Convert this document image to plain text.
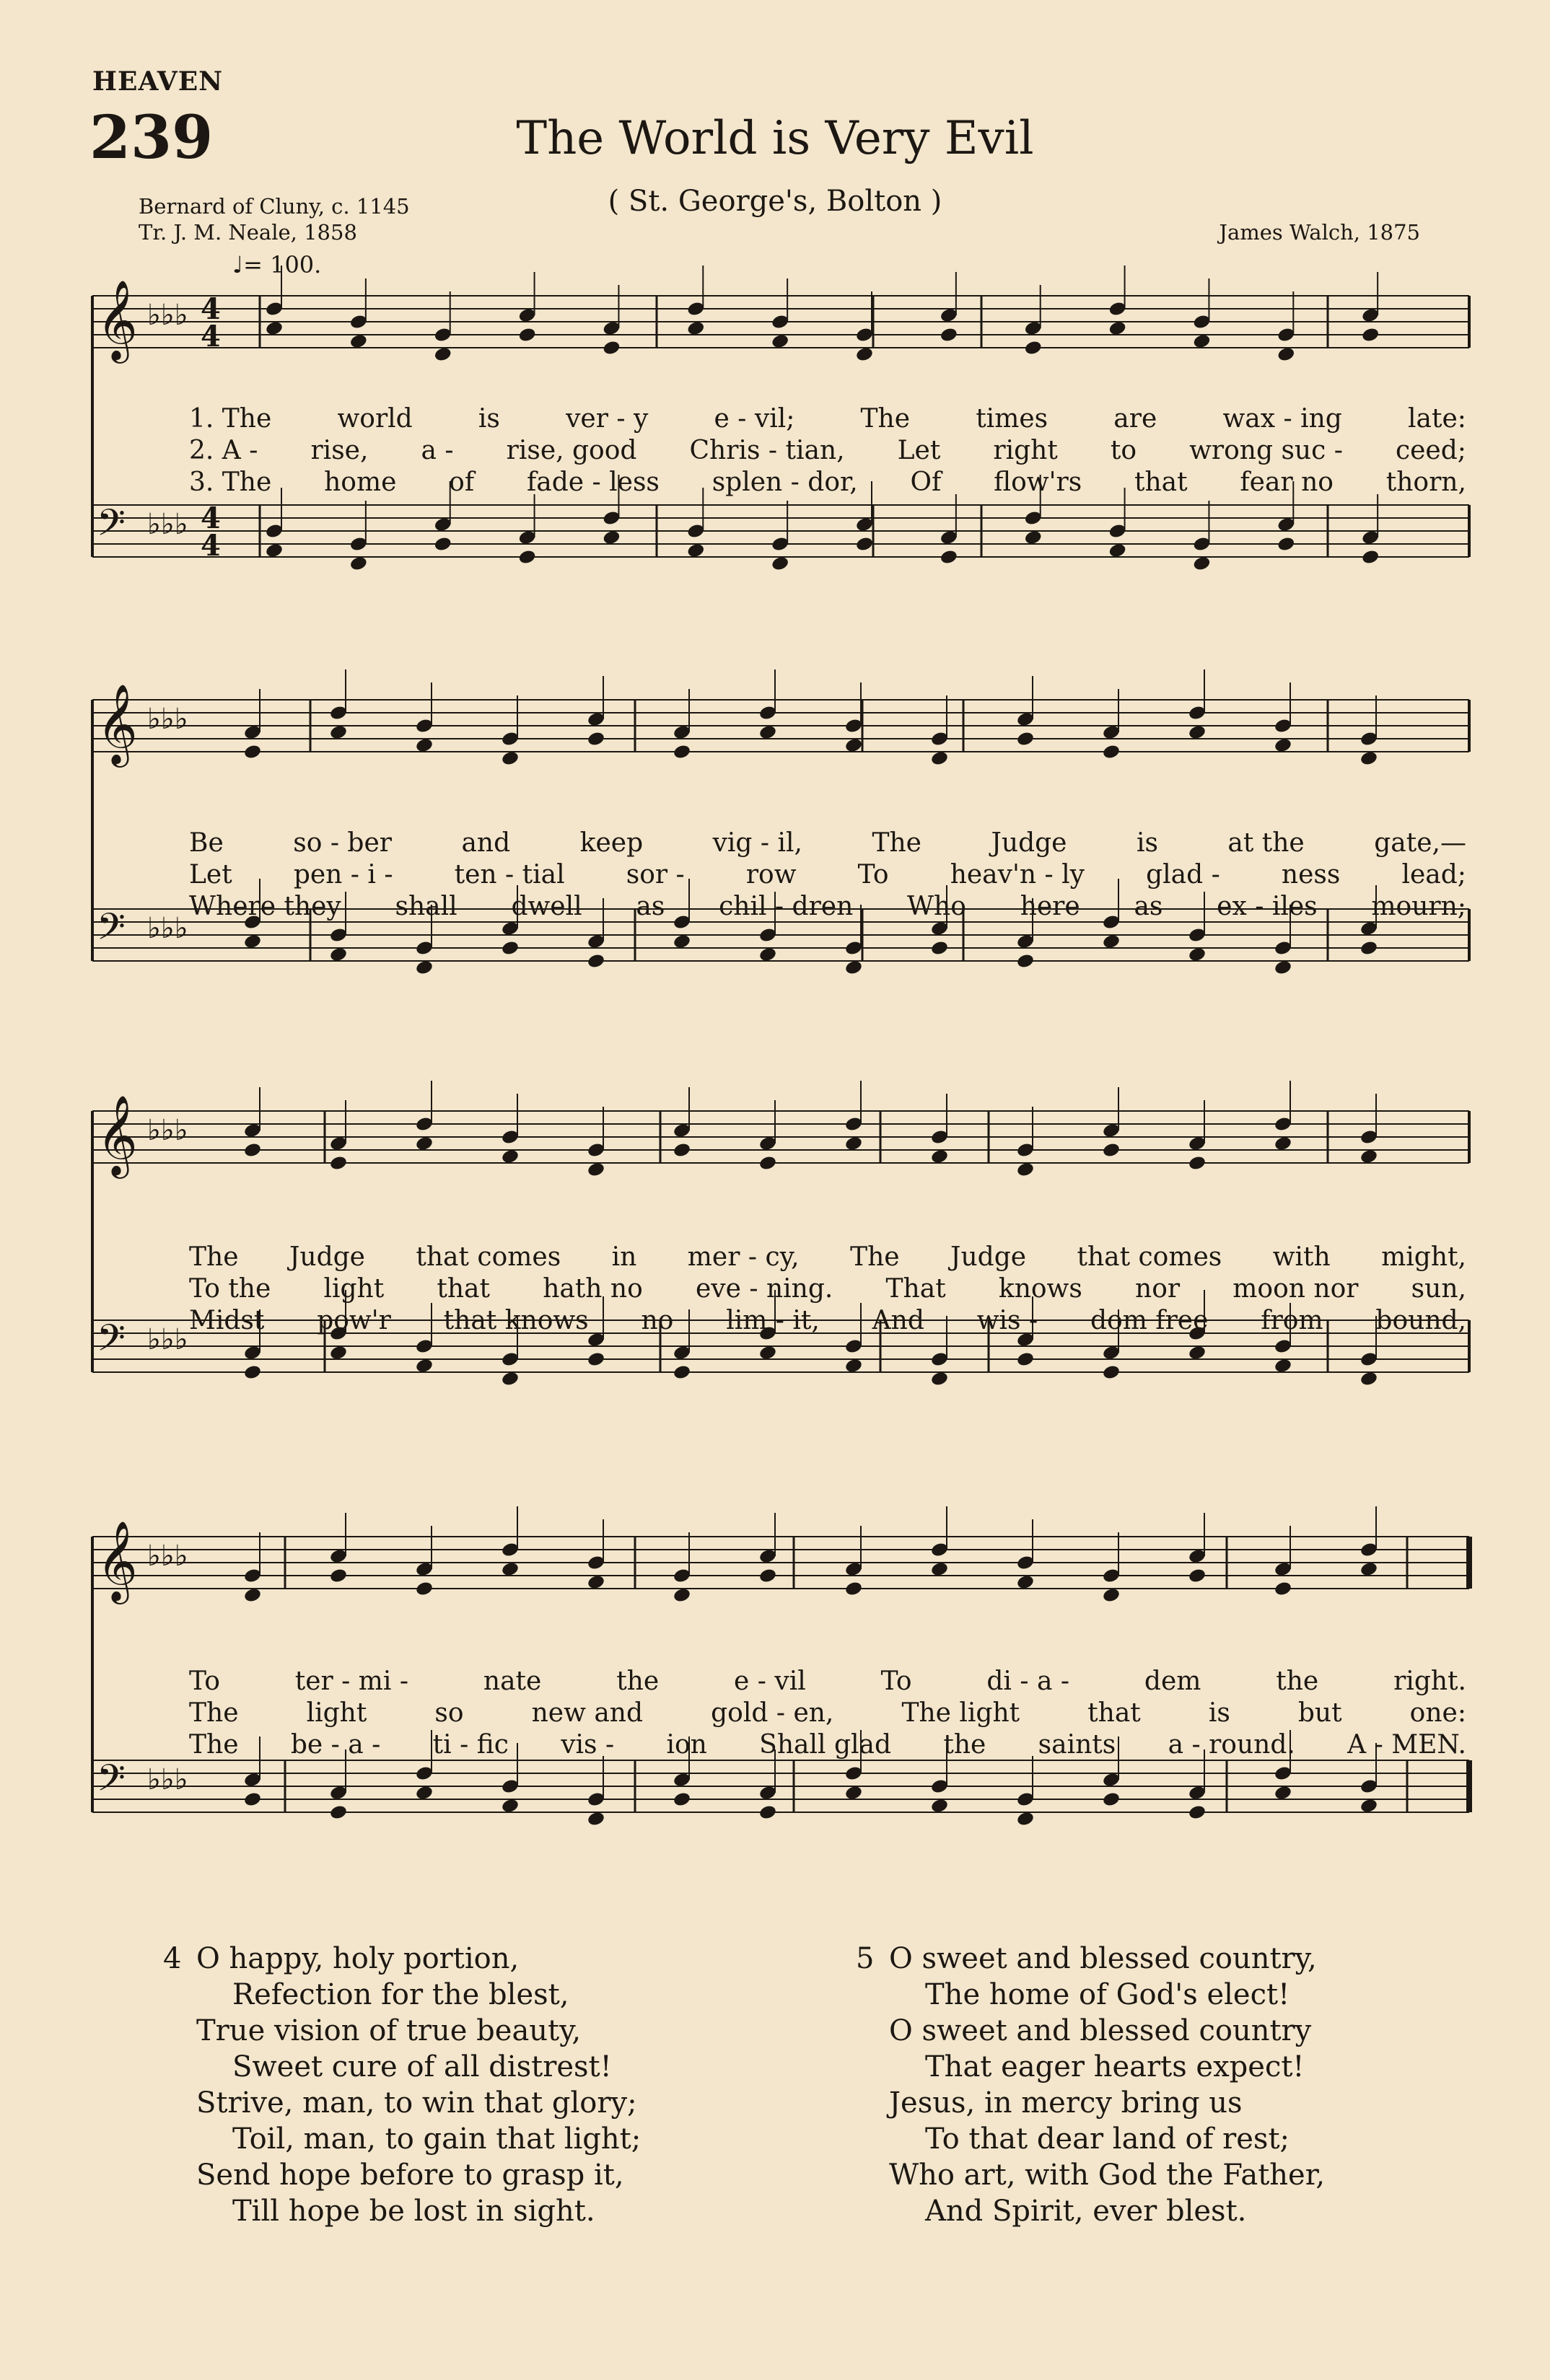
HEAVEN
239	The World is Very Evil
( St. George's, Bolton )
Bernard of Cluny, c. 1145
Tr. J. M. Neale, 1858	James Walch, 1875
♩= 100.
𝄞 ♭♭♭ 4
4
𝄢 ♭♭♭ 4
4
𝄞 ♭♭♭
𝄢 ♭♭♭
𝄞 ♭♭♭
𝄢 ♭♭♭
𝄞 ♭♭♭
𝄢 ♭♭♭
1. The	world	is	ver - y	e - vil;	The	times	are	wax - ing	late:
2. A - rise, a - rise, good Chris - tian, Let right to wrong suc - ceed;
3. The home of fade - less splen - dor, Of flow'rs that fear no thorn,
Be	so - ber	and	keep	vig - il,	The	Judge	is	at the	gate,—
Let pen - i - ten - tial sor - row To heav'n - ly glad - ness lead;
Where they shall dwell as chil - dren Who here as ex - iles mourn;
The Judge that comes in mer - cy, The Judge that comes with might,
To the light that hath no eve - ning. That knows nor moon nor sun,
Midst pow'r that knows no lim - it, And wis - dom free from bound,
To	ter - mi -	nate	the	e - vil	To	di - a -	dem	the	right.
The	light	so	new and	gold - en,	The light	that	is	but	one:
The be - a - ti - fic vis - ion Shall glad the saints a - round. A - MEN.
4 O happy, holy portion,
Refection for the blest,
True vision of true beauty,
Sweet cure of all distrest!
Strive, man, to win that glory;
Toil, man, to gain that light;
Send hope before to grasp it,
Till hope be lost in sight.
5 O sweet and blessed country,
The home of God's elect!
O sweet and blessed country
That eager hearts expect!
Jesus, in mercy bring us
To that dear land of rest;
Who art, with God the Father,
And Spirit, ever blest.
